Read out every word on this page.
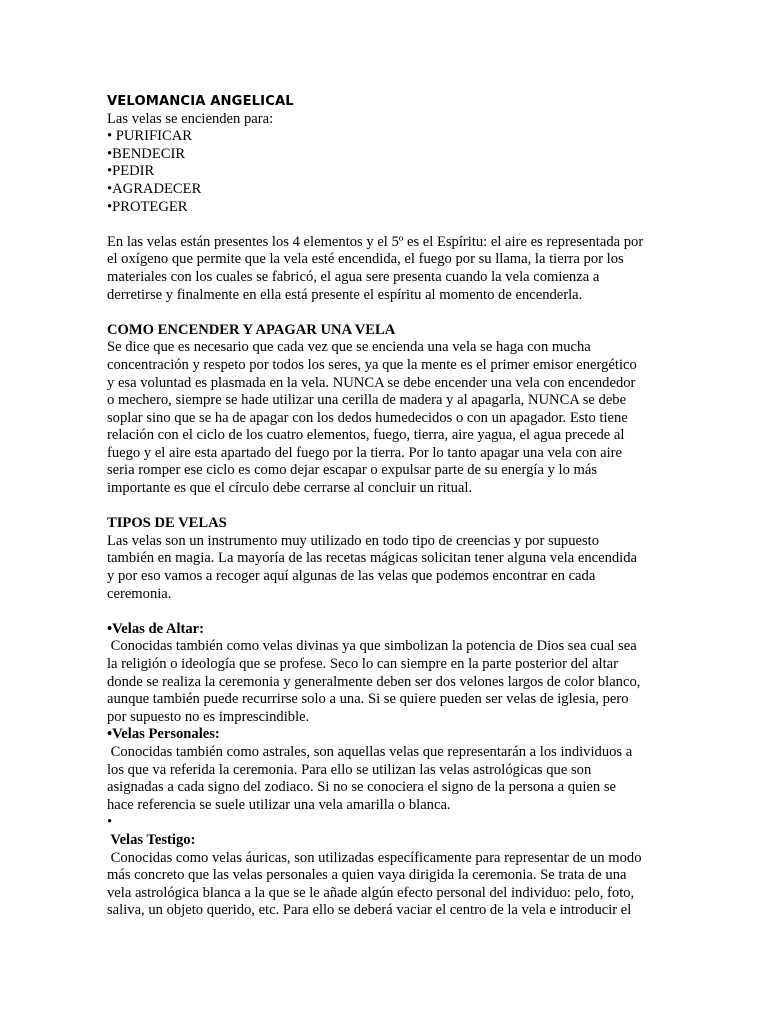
VELOMANCIA ANGELICAL

Las velas se encienden para:

• PURIFICAR

•BENDECIR

•PEDIR

•AGRADECER

•PROTEGER

En las velas están presentes los 4 elementos y el 5º es el Espíritu: el aire es representada por
el oxígeno que permite que la vela esté encendida, el fuego por su llama, la tierra por los
materiales con los cuales se fabricó, el agua sere presenta cuando la vela comienza a
derretirse y finalmente en ella está presente el espíritu al momento de encenderla.

COMO ENCENDER Y APAGAR UNA VELA

Se dice que es necesario que cada vez que se encienda una vela se haga con mucha
concentración y respeto por todos los seres, ya que la mente es el primer emisor energético
y esa voluntad es plasmada en la vela. NUNCA se debe encender una vela con encendedor
o mechero, siempre se hade utilizar una cerilla de madera y al apagarla, NUNCA se debe
soplar sino que se ha de apagar con los dedos humedecidos o con un apagador. Esto tiene
relación con el ciclo de los cuatro elementos, fuego, tierra, aire yagua, el agua precede al
fuego y el aire esta apartado del fuego por la tierra. Por lo tanto apagar una vela con aire
seria romper ese ciclo es como dejar escapar o expulsar parte de su energía y lo más
importante es que el círculo debe cerrarse al concluir un ritual.

TIPOS DE VELAS

Las velas son un instrumento muy utilizado en todo tipo de creencias y por supuesto
también en magia. La mayoría de las recetas mágicas solicitan tener alguna vela encendida
y por eso vamos a recoger aquí algunas de las velas que podemos encontrar en cada
ceremonia.

•Velas de Altar:

Conocidas también como velas divinas ya que simbolizan la potencia de Dios sea cual sea
la religión o ideología que se profese. Seco lo can siempre en la parte posterior del altar
donde se realiza la ceremonia y generalmente deben ser dos velones largos de color blanco,
aunque también puede recurrirse solo a una. Si se quiere pueden ser velas de iglesia, pero
por supuesto no es imprescindible.

•Velas Personales:

Conocidas también como astrales, son aquellas velas que representarán a los individuos a
los que va referida la ceremonia. Para ello se utilizan las velas astrológicas que son
asignadas a cada signo del zodiaco. Si no se conociera el signo de la persona a quien se
hace referencia se suele utilizar una vela amarilla o blanca.

•

Velas Testigo:

Conocidas como velas áuricas, son utilizadas específicamente para representar de un modo
más concreto que las velas personales a quien vaya dirigida la ceremonia. Se trata de una
vela astrológica blanca a la que se le añade algún efecto personal del individuo: pelo, foto,
saliva, un objeto querido, etc. Para ello se deberá vaciar el centro de la vela e introducir el
